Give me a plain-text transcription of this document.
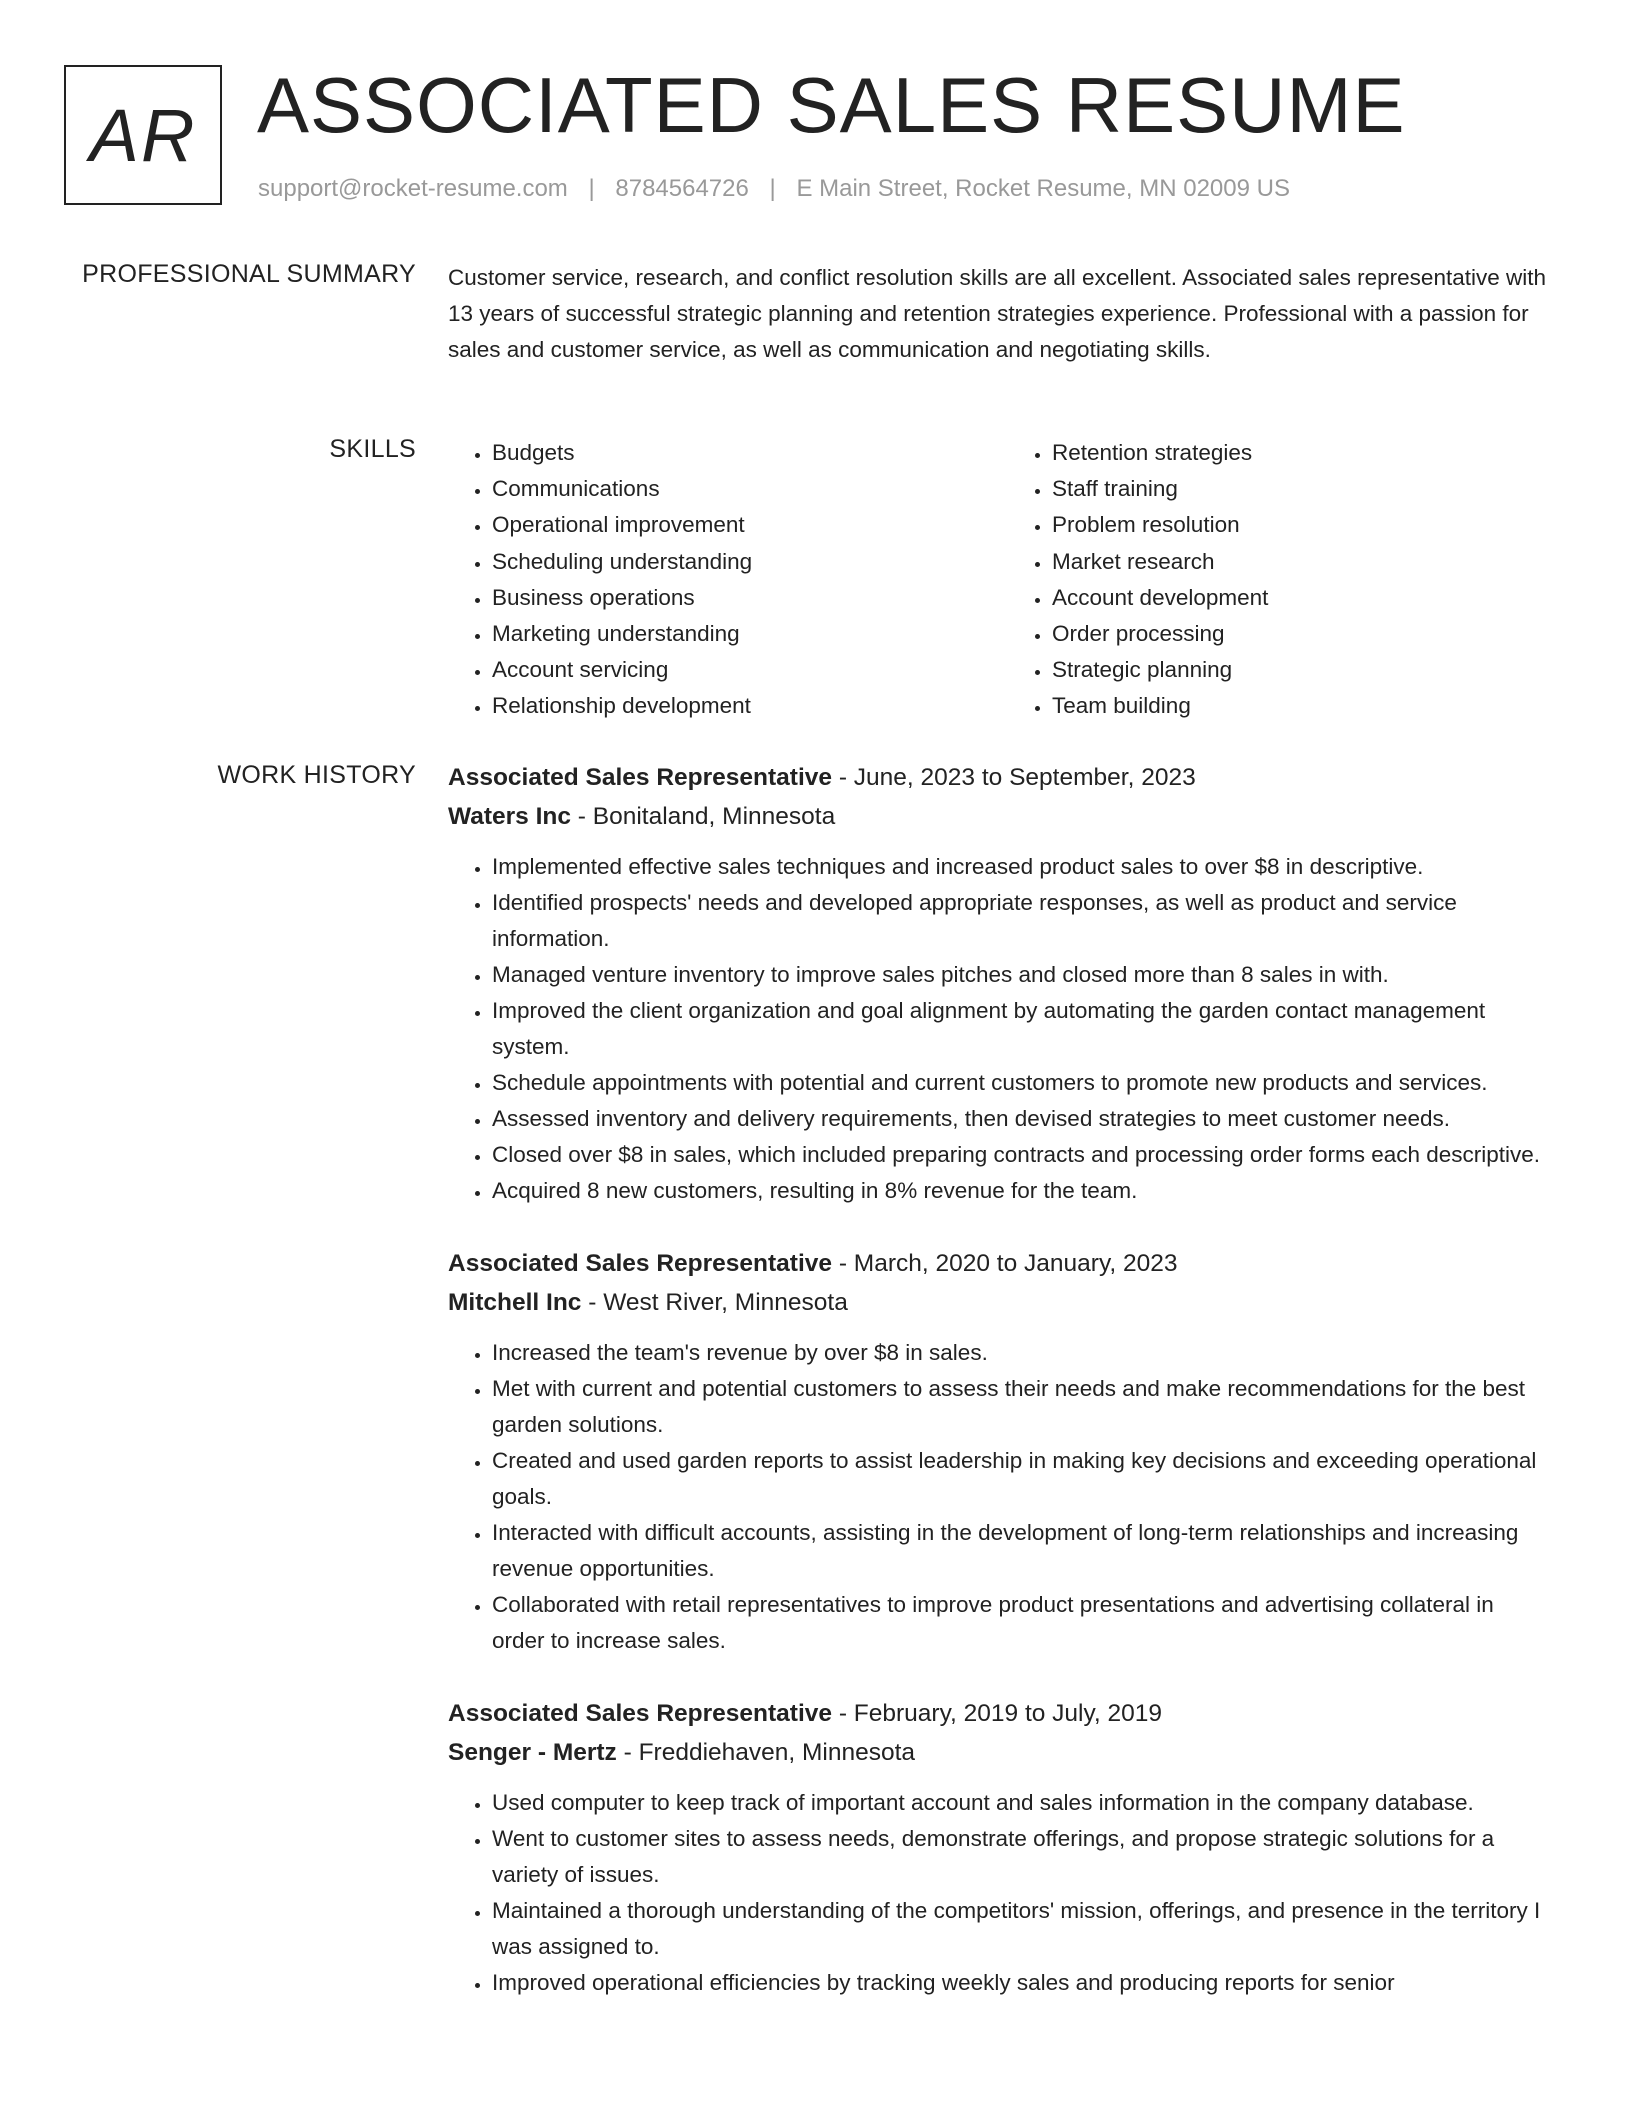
AR ASSOCIATED SALES RESUME
support@rocket-resume.com | 8784564726 | E Main Street, Rocket Resume, MN 02009 US
PROFESSIONAL SUMMARY Customer service, research, and conflict resolution skills are all excellent. Associated sales representative with 13 years of successful strategic planning and retention strategies experience. Professional with a passion for sales and customer service, as well as communication and negotiating skills.
SKILLS
•	Budgets
• Communications
• Operational improvement
• Scheduling understanding
• Business operations
• Marketing understanding
• Account servicing
• Relationship development
• Retention strategies
• Staff training
• Problem resolution
• Market research
• Account development
• Order processing
• Strategic planning
• Team building
WORK HISTORY Associated Sales Representative - June, 2023 to September, 2023
Waters Inc - Bonitaland, Minnesota
• Implemented effective sales techniques and increased product sales to over $8 in descriptive.
• Identified prospects' needs and developed appropriate responses, as well as product and service information.
• Managed venture inventory to improve sales pitches and closed more than 8 sales in with.
• Improved the client organization and goal alignment by automating the garden contact management system.
• Schedule appointments with potential and current customers to promote new products and services.
• Assessed inventory and delivery requirements, then devised strategies to meet customer needs.
• Closed over $8 in sales, which included preparing contracts and processing order forms each descriptive.
• Acquired 8 new customers, resulting in 8% revenue for the team.
Associated Sales Representative - March, 2020 to January, 2023
Mitchell Inc - West River, Minnesota
• Increased the team's revenue by over $8 in sales.
• Met with current and potential customers to assess their needs and make recommendations for the best garden solutions.
• Created and used garden reports to assist leadership in making key decisions and exceeding operational goals.
• Interacted with difficult accounts, assisting in the development of long-term relationships and increasing revenue opportunities.
• Collaborated with retail representatives to improve product presentations and advertising collateral in order to increase sales.
Associated Sales Representative - February, 2019 to July, 2019
Senger - Mertz - Freddiehaven, Minnesota
• Used computer to keep track of important account and sales information in the company database.
• Went to customer sites to assess needs, demonstrate offerings, and propose strategic solutions for a variety of issues.
• Maintained a thorough understanding of the competitors' mission, offerings, and presence in the territory I was assigned to.
• Improved operational efficiencies by tracking weekly sales and producing reports for senior
